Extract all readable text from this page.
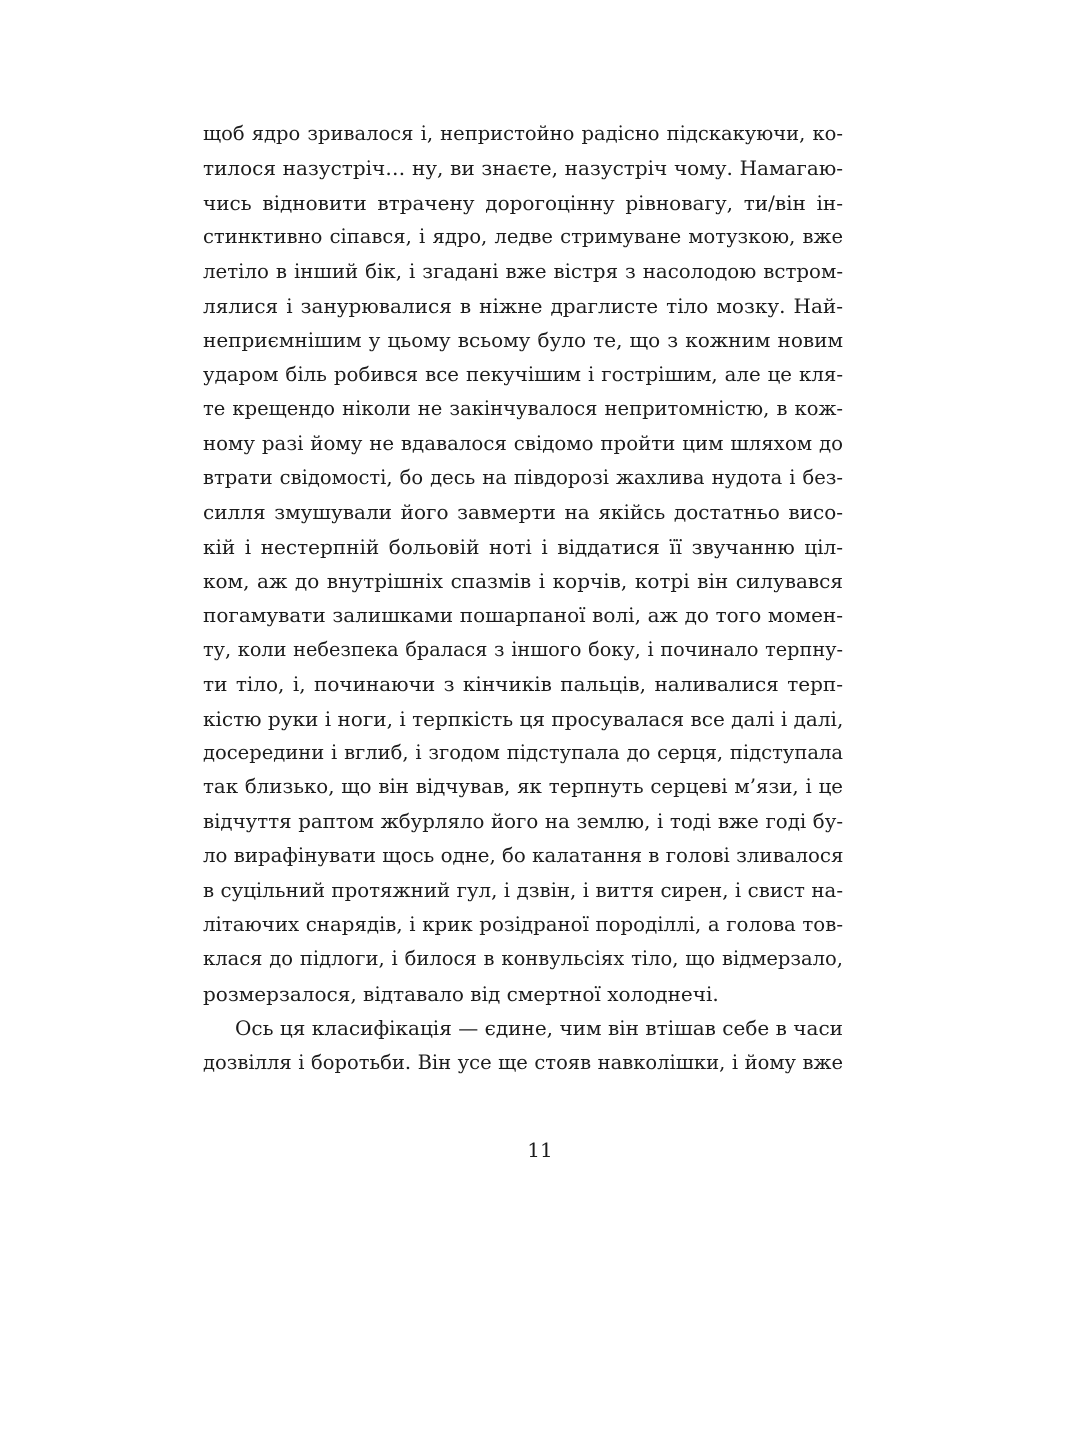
щоб ядро зривалося і, непристойно радісно підскакуючи, ко-
тилося назустріч… ну, ви знаєте, назустріч чому. Намагаю-
чись відновити втрачену дорогоцінну рівновагу, ти/він ін-
стинктивно сіпався, і ядро, ледве стримуване мотузкою, вже
летіло в інший бік, і згадані вже вістря з насолодою встром-
лялися і занурювалися в ніжне драглисте тіло мозку. Най-
неприємнішим у цьому всьому було те, що з кожним новим
ударом біль робився все пекучішим і гострішим, але це кля-
те крещендо ніколи не закінчувалося непритомністю, в кож-
ному разі йому не вдавалося свідомо пройти цим шляхом до
втрати свідомості, бо десь на півдорозі жахлива нудота і без-
силля змушували його завмерти на якійсь достатньо висо-
кій і нестерпній больовій ноті і віддатися її звучанню ціл-
ком, аж до внутрішніх спазмів і корчів, котрі він силувався
погамувати залишками пошарпаної волі, аж до того момен-
ту, коли небезпека бралася з іншого боку, і починало терпну-
ти тіло, і, починаючи з кінчиків пальців, наливалися терп-
кістю руки і ноги, і терпкість ця просувалася все далі і далі,
досередини і вглиб, і згодом підступала до серця, підступала
так близько, що він відчував, як терпнуть серцеві м’язи, і це
відчуття раптом жбурляло його на землю, і тоді вже годі бу-
ло вирафінувати щось одне, бо калатання в голові зливалося
в суцільний протяжний гул, і дзвін, і виття сирен, і свист на-
літаючих снарядів, і крик розідраної породіллі, а голова тов-
клася до підлоги, і билося в конвульсіях тіло, що відмерзало,
розмерзалося, відтавало від смертної холоднечі.
Ось ця класифікація — єдине, чим він втішав себе в часи
дозвілля і боротьби. Він усе ще стояв навколішки, і йому вже
11
